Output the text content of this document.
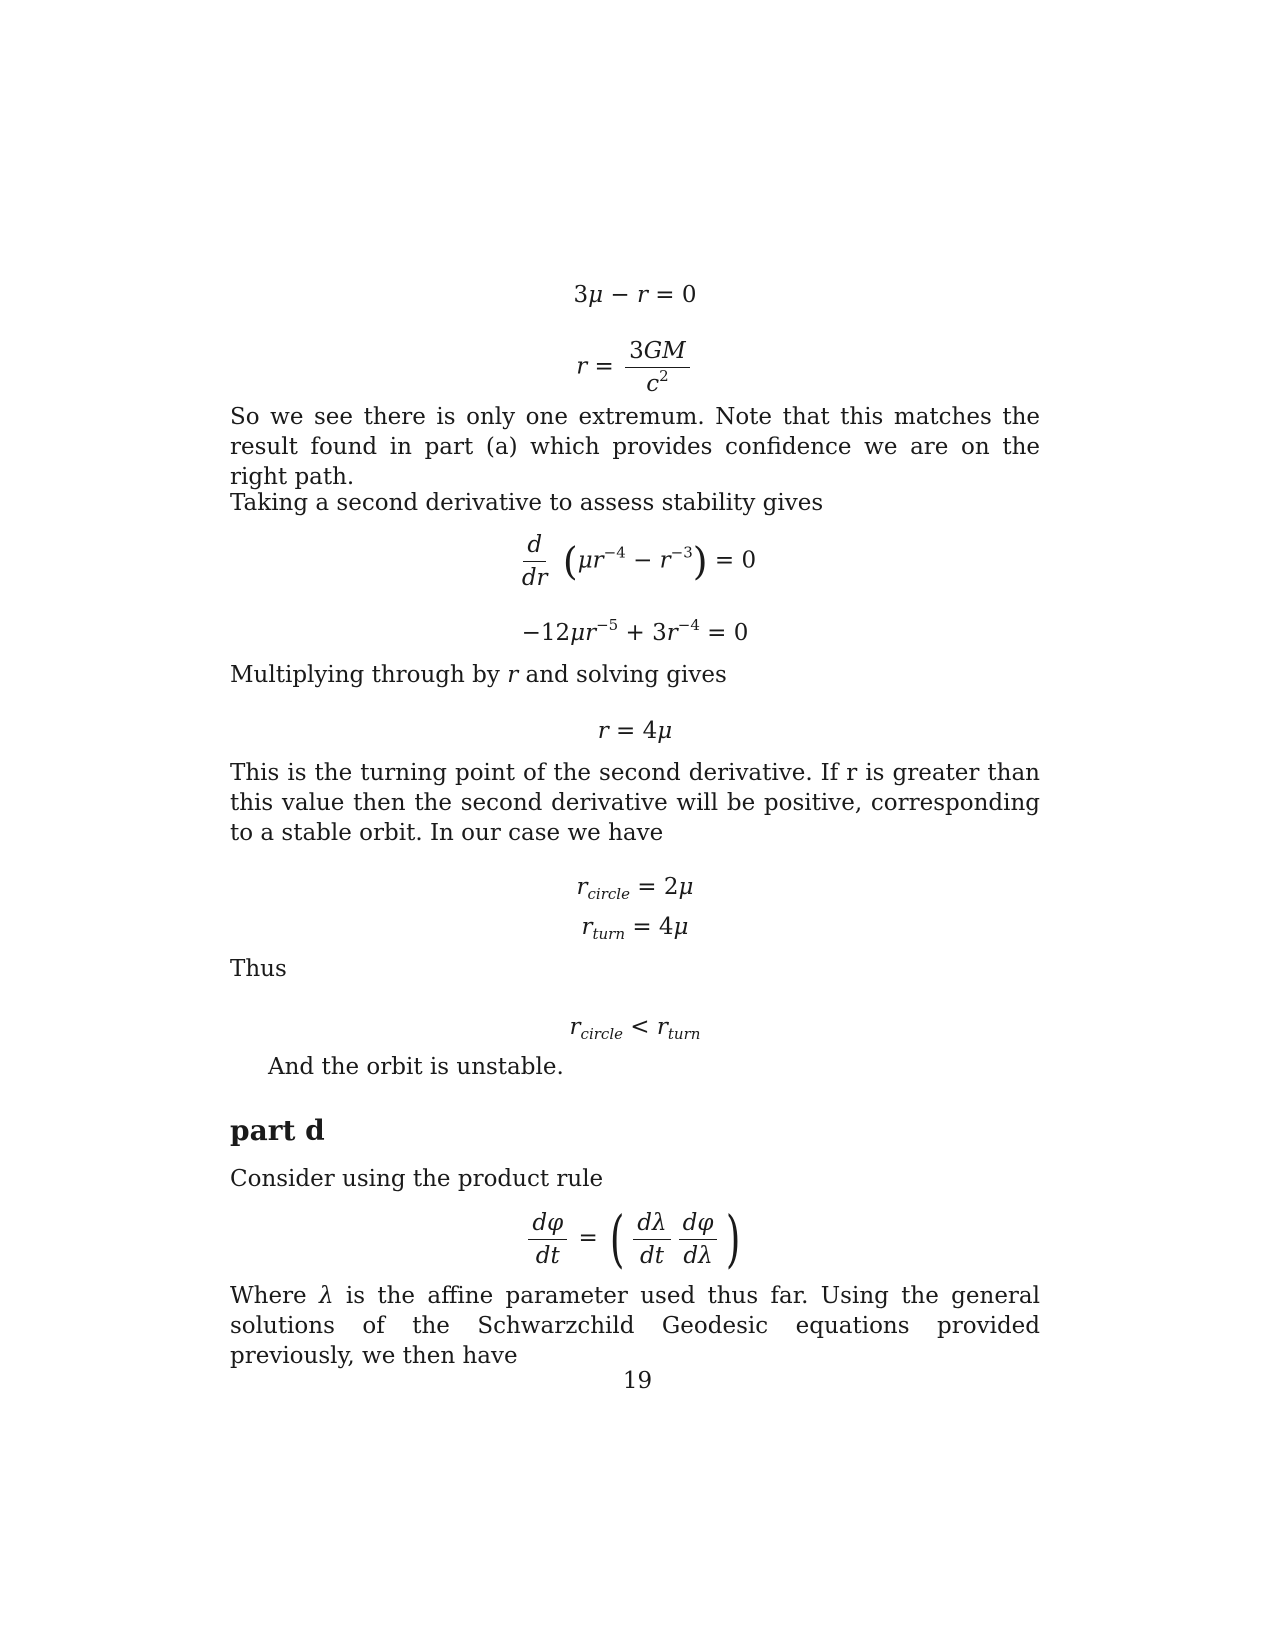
3μ − r = 0
$r = \frac{3GM}{c^2}$

So we see there is only one extremum. Note that this matches the result found in part (a) which provides confidence we are on the right path.

Taking a second derivative to assess stability gives

$\frac{d}{dr} (\mu r^{-4} - r^{-3}) = 0$
$-12\mu r^{-5} + 3r^{-4} = 0$

Multiplying through by r and solving gives

r = 4μ

This is the turning point of the second derivative. If r is greater than this value then the second derivative will be positive, corresponding to a stable orbit. In our case we have

$r_{circle} = 2\mu$
$r_{turn} = 4\mu$

Thus

$r_{circle} < r_{turn}$

And the orbit is unstable.

part d

Consider using the product rule

$\frac{d\varphi}{dt}$ = ( $\frac{d\lambda}{dt} \frac{d\varphi}{d\lambda}$ )

Where λ is the affine parameter used thus far. Using the general solutions of the Schwarzchild Geodesic equations provided previously, we then have

19
